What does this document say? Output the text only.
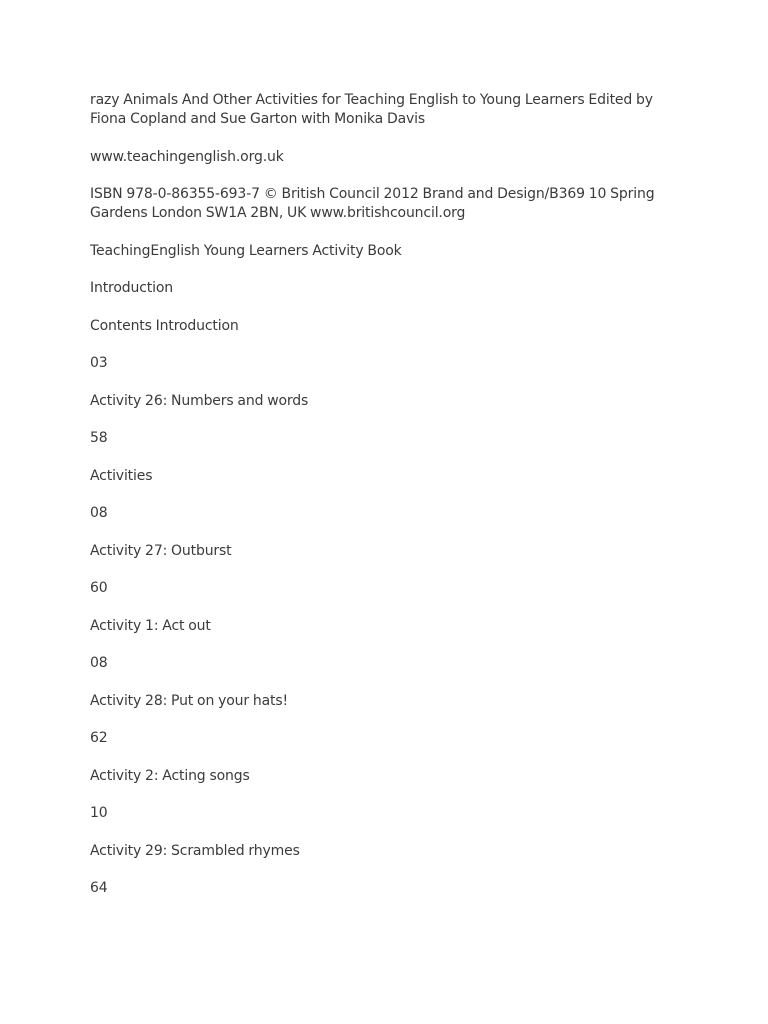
razy Animals And Other Activities for Teaching English to Young Learners Edited by Fiona Copland and Sue Garton with Monika Davis

www.teachingenglish.org.uk

ISBN 978-0-86355-693-7 © British Council 2012 Brand and Design/B369 10 Spring Gardens London SW1A 2BN, UK www.britishcouncil.org

TeachingEnglish Young Learners Activity Book

Introduction

Contents Introduction

03

Activity 26: Numbers and words

58

Activities

08

Activity 27: Outburst

60

Activity 1: Act out

08

Activity 28: Put on your hats!

62

Activity 2: Acting songs

10

Activity 29: Scrambled rhymes

64
